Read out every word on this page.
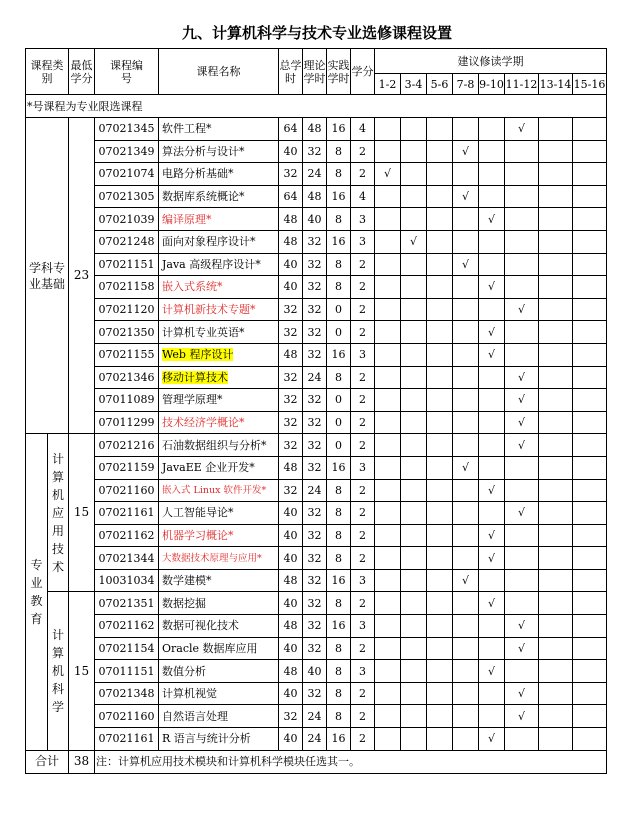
九、计算机科学与技术专业选修课程设置
课程类别		最低学分	课程编号	课程名称	总学时	理论学时	实践学时	学分	建议修读学期							
									1-2	3-4	5-6	7-8	9-10	11-12	13-14	15-16
*号课程为专业限选课程																
学科专业基础		23	07021345	软件工程*	64	48	16	4						√		
			07021349	算法分析与设计*	40	32	8	2				√				
			07021074	电路分析基础*	32	24	8	2	√							
			07021305	数据库系统概论*	64	48	16	4				√				
			07021039	编译原理*	48	40	8	3					√			
			07021248	面向对象程序设计*	48	32	16	3		√						
			07021151	Java 高级程序设计*	40	32	8	2				√				
			07021158	嵌入式系统*	40	32	8	2					√			
			07021120	计算机新技术专题*	32	32	0	2						√		
			07021350	计算机专业英语*	32	32	0	2					√			
			07021155	Web 程序设计	48	32	16	3					√			
			07021346	移动计算技术	32	24	8	2						√		
			07011089	管理学原理*	32	32	0	2						√		
			07011299	技术经济学概论*	32	32	0	2						√		
专业教育	计算机应用技术	15	07021216	石油数据组织与分析*	32	32	0	2						√		
			07021159	JavaEE 企业开发*	48	32	16	3				√				
			07021160	嵌入式 Linux 软件开发*	32	24	8	2					√			
			07021161	人工智能导论*	40	32	8	2						√		
			07021162	机器学习概论*	40	32	8	2					√			
			07021344	大数据技术原理与应用*	40	32	8	2					√			
			10031034	数学建模*	48	32	16	3				√				
	计算机科学	15	07021351	数据挖掘	40	32	8	2					√			
			07021162	数据可视化技术	48	32	16	3						√		
			07021154	Oracle 数据库应用	40	32	8	2						√		
			07011151	数值分析	48	40	8	3					√			
			07021348	计算机视觉	40	32	8	2						√		
			07021160	自然语言处理	32	24	8	2						√		
			07021161	R 语言与统计分析	40	24	16	2					√			
合计		38	注：计算机应用技术模块和计算机科学模块任选其一。													
